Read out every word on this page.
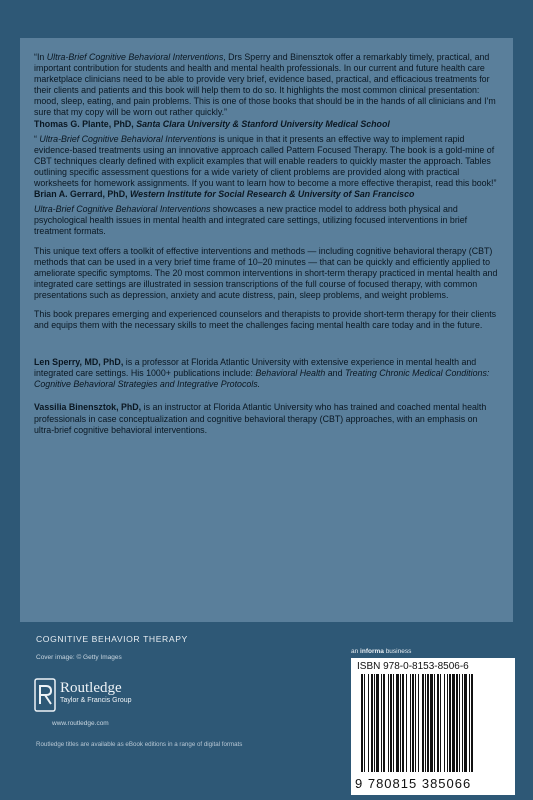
“In Ultra-Brief Cognitive Behavioral Interventions, Drs Sperry and Binensztok offer a remarkably timely, practical, and important contribution for students and health and mental health professionals. In our current and future health care marketplace clinicians need to be able to provide very brief, evidence based, practical, and efficacious treatments for their clients and patients and this book will help them to do so. It highlights the most common clinical presentation: mood, sleep, eating, and pain problems. This is one of those books that should be in the hands of all clinicians and I'm sure that my copy will be worn out rather quickly.”

Thomas G. Plante, PhD, Santa Clara University & Stanford University Medical School

“ Ultra-Brief Cognitive Behavioral Interventions is unique in that it presents an effective way to implement rapid evidence-based treatments using an innovative approach called Pattern Focused Therapy. The book is a gold-mine of CBT techniques clearly defined with explicit examples that will enable readers to quickly master the approach. Tables outlining specific assessment questions for a wide variety of client problems are provided along with practical worksheets for homework assignments. If you want to learn how to become a more effective therapist, read this book!”

Brian A. Gerrard, PhD, Western Institute for Social Research & University of San Francisco

Ultra-Brief Cognitive Behavioral Interventions showcases a new practice model to address both physical and psychological health issues in mental health and integrated care settings, utilizing focused interventions in brief treatment formats.

This unique text offers a toolkit of effective interventions and methods — including cognitive behavioral therapy (CBT) methods that can be used in a very brief time frame of 10–20 minutes — that can be quickly and efficiently applied to ameliorate specific symptoms. The 20 most common interventions in short-term therapy practiced in mental health and integrated care settings are illustrated in session transcriptions of the full course of focused therapy, with common presentations such as depression, anxiety and acute distress, pain, sleep problems, and weight problems.

This book prepares emerging and experienced counselors and therapists to provide short-term therapy for their clients and equips them with the necessary skills to meet the challenges facing mental health care today and in the future.

Len Sperry, MD, PhD, is a professor at Florida Atlantic University with extensive experience in mental health and integrated care settings. His 1000+ publications include: Behavioral Health and Treating Chronic Medical Conditions: Cognitive Behavioral Strategies and Integrative Protocols.

Vassilia Binensztok, PhD, is an instructor at Florida Atlantic University who has trained and coached mental health professionals in case conceptualization and cognitive behavioral therapy (CBT) approaches, with an emphasis on ultra-brief cognitive behavioral interventions.

COGNITIVE BEHAVIOR THERAPY
Cover image: © Getty Images
Routledge
Taylor & Francis Group
www.routledge.com
Routledge titles are available as eBook editions in a range of digital formats
an informa business
ISBN 978-0-8153-8506-6
9 780815 385066
